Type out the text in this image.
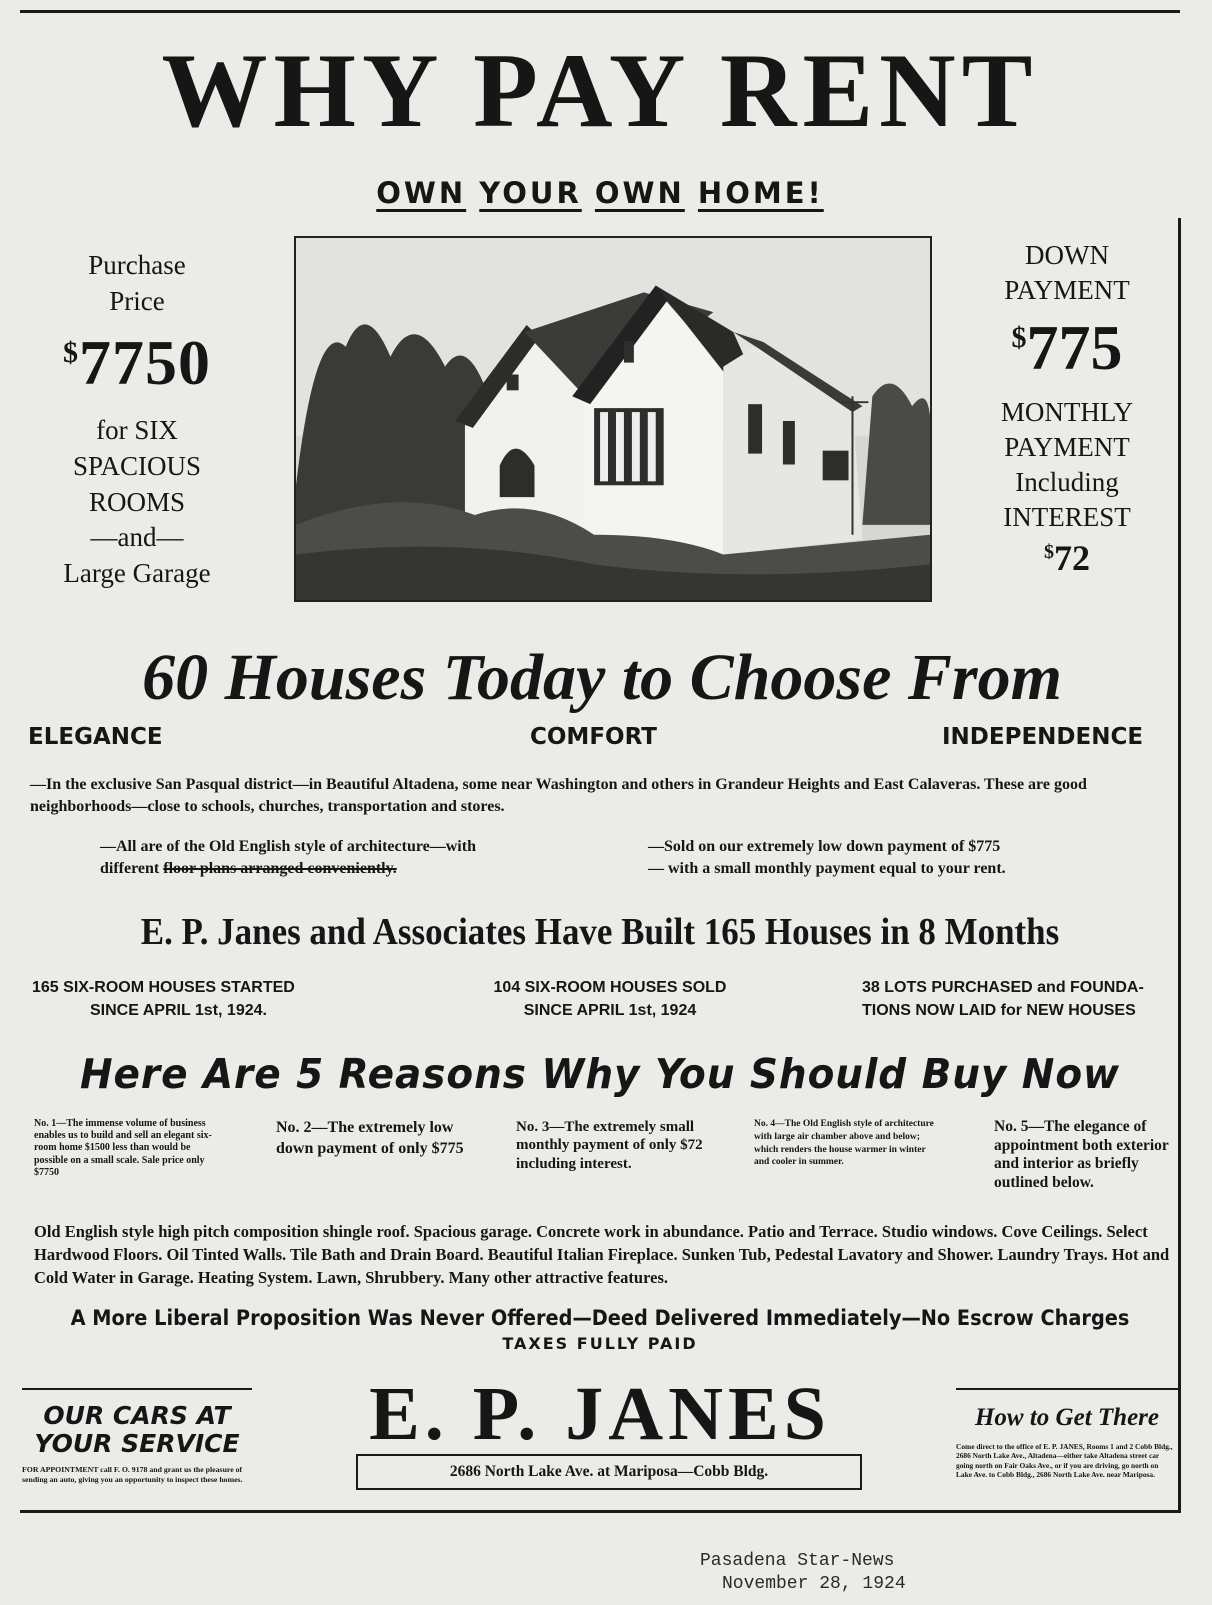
WHY PAY RENT
OWN YOUR OWN HOME!
Purchase
Price
$7750
for SIX
SPACIOUS
ROOMS
—and—
Large Garage
DOWN
PAYMENT
$775
MONTHLY
PAYMENT
Including
INTEREST
$72
60 Houses Today to Choose From
ELEGANCE	COMFORT	INDEPENDENCE

—In the exclusive San Pasqual district—in Beautiful Altadena, some near Washington and others in Grandeur Heights and East Calaveras. These are good neighborhoods—close to schools, churches, transportation and stores.

—All are of the Old English style of architecture—with
different floor plans arranged conveniently.

—Sold on our extremely low down payment of $775
— with a small monthly payment equal to your rent.

E. P. Janes and Associates Have Built 165 Houses in 8 Months
165 SIX-ROOM HOUSES STARTED
SINCE APRIL 1st, 1924.
104 SIX-ROOM HOUSES SOLD
SINCE APRIL 1st, 1924
38 LOTS PURCHASED and FOUNDA-
TIONS NOW LAID for NEW HOUSES
Here Are 5 Reasons Why You Should Buy Now

No. 1—The immense volume of business enables us to build and sell an elegant six-room home $1500 less than would be possible on a small scale. Sale price only $7750

No. 2—The extremely low down payment of only $775

No. 3—The extremely small monthly payment of only $72 including interest.

No. 4—The Old English style of architecture with large air chamber above and below; which renders the house warmer in winter and cooler in summer.

No. 5—The elegance of appointment both exterior and interior as briefly outlined below.

Old English style high pitch composition shingle roof. Spacious garage. Concrete work in abundance. Patio and Terrace. Studio windows. Cove Ceilings. Select Hardwood Floors. Oil Tinted Walls. Tile Bath and Drain Board. Beautiful Italian Fireplace. Sunken Tub, Pedestal Lavatory and Shower. Laundry Trays. Hot and Cold Water in Garage. Heating System. Lawn, Shrubbery. Many other attractive features.

A More Liberal Proposition Was Never Offered—Deed Delivered Immediately—No Escrow Charges
TAXES FULLY PAID
OUR CARS AT
YOUR SERVICE
FOR APPOINTMENT call F. O. 9178 and grant us the pleasure of sending an auto, giving you an opportunity to inspect these homes.
E. P. JANES
2686 North Lake Ave. at Mariposa—Cobb Bldg.
How to Get There
Come direct to the office of E. P. JANES, Rooms 1 and 2 Cobb Bldg., 2686 North Lake Ave., Altadena—either take Altadena street car going north on Fair Oaks Ave., or if you are driving, go north on Lake Ave. to Cobb Bldg., 2686 North Lake Ave. near Mariposa.
Pasadena Star-News
November 28, 1924
